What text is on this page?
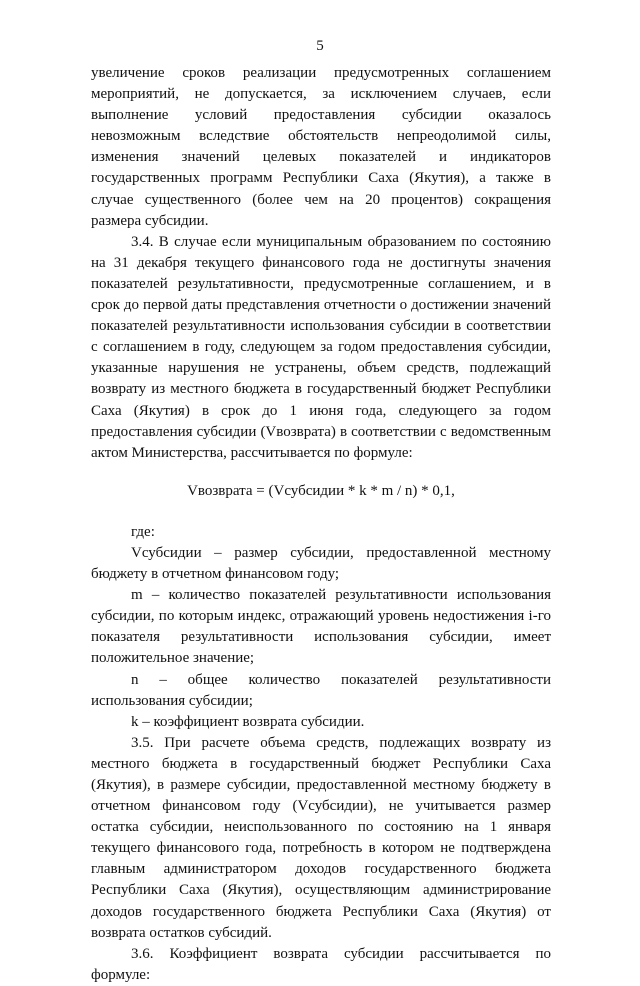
5

увеличение сроков реализации предусмотренных соглашением мероприятий, не допускается, за исключением случаев, если выполнение условий предоставления субсидии оказалось невозможным вследствие обстоятельств непреодолимой силы, изменения значений целевых показателей и индикаторов государственных программ Республики Саха (Якутия), а также в случае существенного (более чем на 20 процентов) сокращения размера субсидии.

3.4. В случае если муниципальным образованием по состоянию на 31 декабря текущего финансового года не достигнуты значения показателей результативности, предусмотренные соглашением, и в срок до первой даты представления отчетности о достижении значений показателей результативности использования субсидии в соответствии с соглашением в году, следующем за годом предоставления субсидии, указанные нарушения не устранены, объем средств, подлежащий возврату из местного бюджета в государственный бюджет Республики Саха (Якутия) в срок до 1 июня года, следующего за годом предоставления субсидии (Vвозврата) в соответствии с ведомственным актом Министерства, рассчитывается по формуле:

Vвозврата = (Vсубсидии * k * m / n) * 0,1,

где:

Vсубсидии – размер субсидии, предоставленной местному бюджету в отчетном финансовом году;

m – количество показателей результативности использования субсидии, по которым индекс, отражающий уровень недостижения i-го показателя результативности использования субсидии, имеет положительное значение;

n – общее количество показателей результативности использования субсидии;

k – коэффициент возврата субсидии.

3.5. При расчете объема средств, подлежащих возврату из местного бюджета в государственный бюджет Республики Саха (Якутия), в размере субсидии, предоставленной местному бюджету в отчетном финансовом году (Vсубсидии), не учитывается размер остатка субсидии, неиспользованного по состоянию на 1 января текущего финансового года, потребность в котором не подтверждена главным администратором доходов государственного бюджета Республики Саха (Якутия), осуществляющим администрирование доходов государственного бюджета Республики Саха (Якутия) от возврата остатков субсидий.

3.6. Коэффициент возврата субсидии рассчитывается по формуле:
